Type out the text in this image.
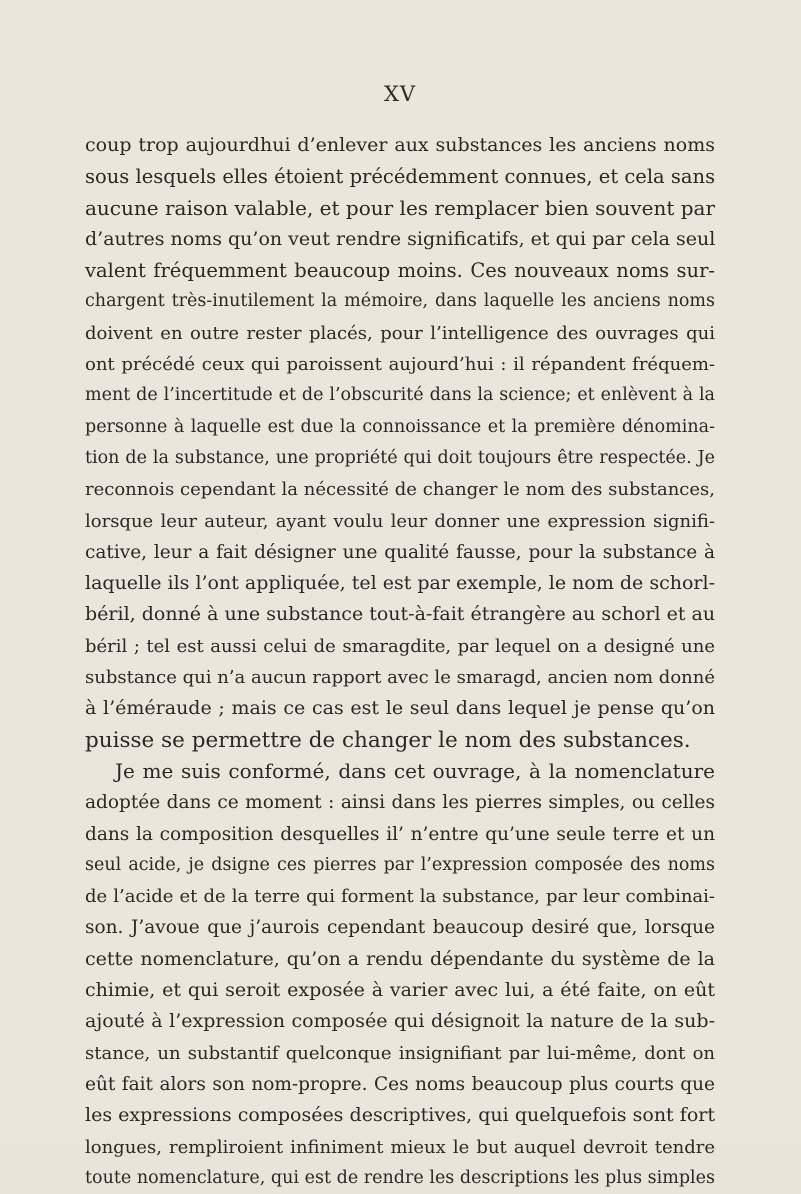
XV
coup trop aujourdhui d’enlever aux substances les anciens noms
sous lesquels elles étoient précédemment connues, et cela sans
aucune raison valable, et pour les remplacer bien souvent par
d’autres noms qu’on veut rendre significatifs, et qui par cela seul
valent fréquemment beaucoup moins. Ces nouveaux noms sur-
chargent très-inutilement la mémoire, dans laquelle les anciens noms
doivent en outre rester placés, pour l’intelligence des ouvrages qui
ont précédé ceux qui paroissent aujourd’hui : il répandent fréquem-
ment de l’incertitude et de l’obscurité dans la science; et enlèvent à la
personne à laquelle est due la connoissance et la première dénomina-
tion de la substance, une propriété qui doit toujours être respectée. Je
reconnois cependant la nécessité de changer le nom des substances,
lorsque leur auteur, ayant voulu leur donner une expression signifi-
cative, leur a fait désigner une qualité fausse, pour la substance à
laquelle ils l’ont appliquée, tel est par exemple, le nom de schorl-
béril, donné à une substance tout-à-fait étrangère au schorl et au
béril ; tel est aussi celui de smaragdite, par lequel on a designé une
substance qui n’a aucun rapport avec le smaragd, ancien nom donné
à l’éméraude ; mais ce cas est le seul dans lequel je pense qu’on
puisse se permettre de changer le nom des substances.
Je me suis conformé, dans cet ouvrage, à la nomenclature
adoptée dans ce moment : ainsi dans les pierres simples, ou celles
dans la composition desquelles il’ n’entre qu’une seule terre et un
seul acide, je dsigne ces pierres par l’expression composée des noms
de l’acide et de la terre qui forment la substance, par leur combinai-
son. J’avoue que j’aurois cependant beaucoup desiré que, lorsque
cette nomenclature, qu’on a rendu dépendante du système de la
chimie, et qui seroit exposée à varier avec lui, a été faite, on eût
ajouté à l’expression composée qui désignoit la nature de la sub-
stance, un substantif quelconque insignifiant par lui-même, dont on
eût fait alors son nom-propre. Ces noms beaucoup plus courts que
les expressions composées descriptives, qui quelquefois sont fort
longues, rempliroient infiniment mieux le but auquel devroit tendre
toute nomenclature, qui est de rendre les descriptions les plus simples
